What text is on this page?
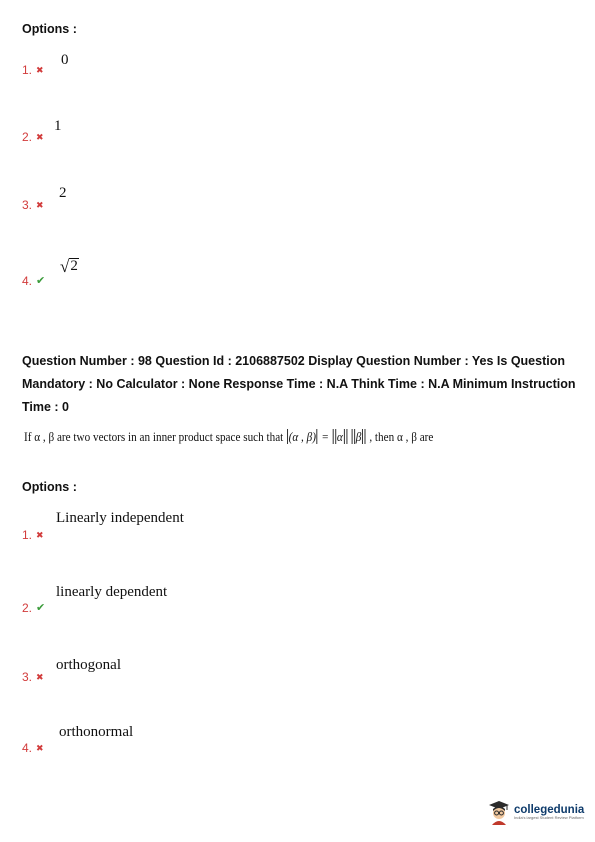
Options :
1. ✖
0
2. ✖
1
3. ✖
2
4. ✔
√ 2
Question Number : 98 Question Id : 2106887502 Display Question Number : Yes Is Question
Mandatory : No Calculator : None Response Time : N.A Think Time : N.A Minimum Instruction
Time : 0
If α , β are two vectors in an inner product space such that (α , β) = α β , then α , β are
Options :
Linearly independent
1. ✖
linearly dependent
2. ✔
orthogonal
3. ✖
orthonormal
4. ✖
collegedunia
India's largest Student Review Platform
